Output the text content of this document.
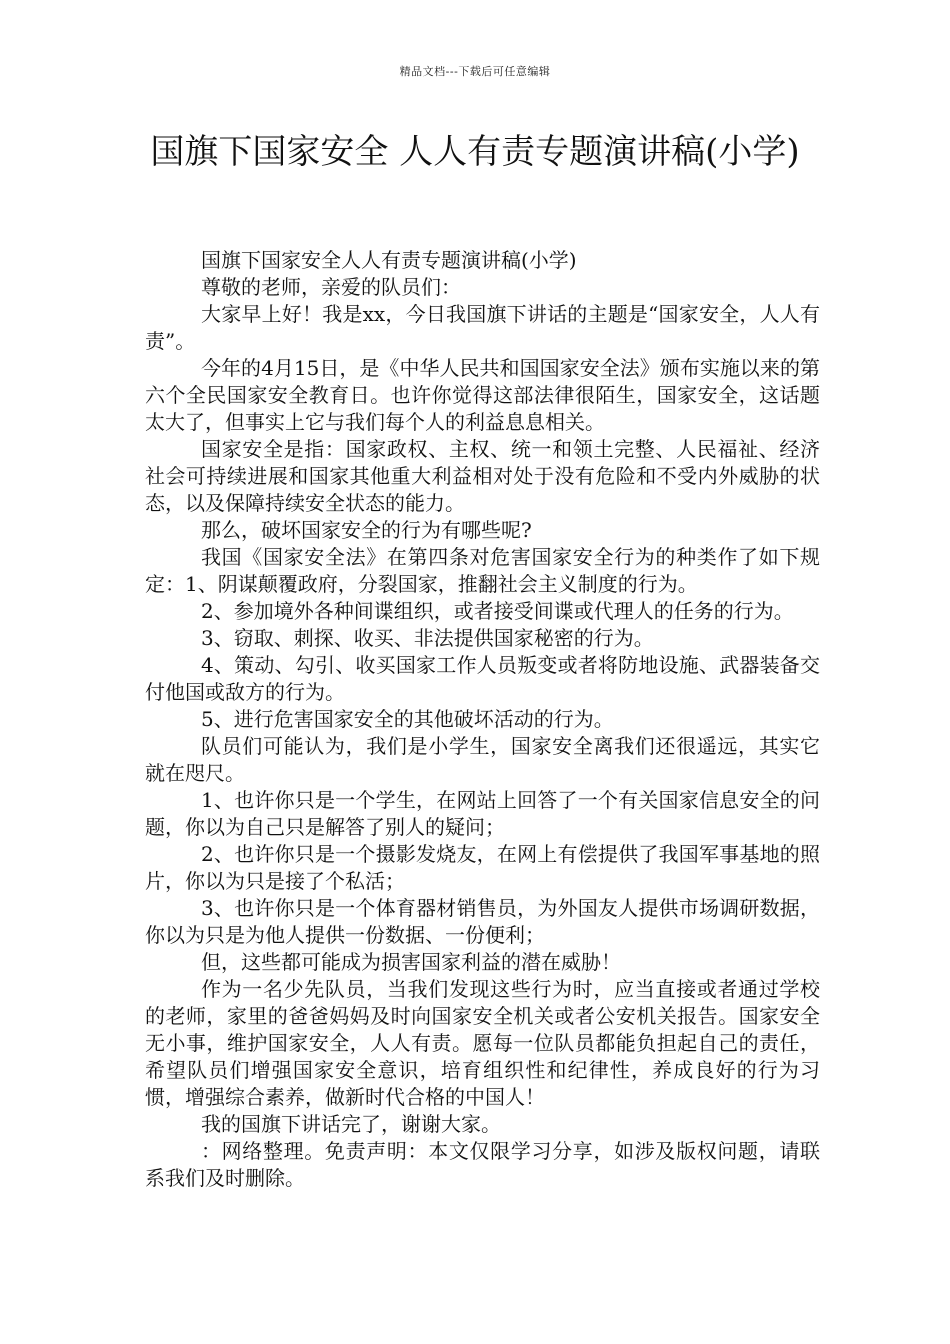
精品文档---下载后可任意编辑
国旗下国家安全 人人有责专题演讲稿(小学)

国旗下国家安全人人有责专题演讲稿(小学)

尊敬的老师，亲爱的队员们：

大家早上好！我是xx，今日我国旗下讲话的主题是“国家安全，人人有责”。

今年的4月15日，是《中华人民共和国国家安全法》颁布实施以来的第六个全民国家安全教育日。也许你觉得这部法律很陌生，国家安全，这话题太大了，但事实上它与我们每个人的利益息息相关。

国家安全是指：国家政权、主权、统一和领土完整、人民福祉、经济社会可持续进展和国家其他重大利益相对处于没有危险和不受内外威胁的状态，以及保障持续安全状态的能力。

那么，破坏国家安全的行为有哪些呢?

我国《国家安全法》在第四条对危害国家安全行为的种类作了如下规定：1、阴谋颠覆政府，分裂国家，推翻社会主义制度的行为。

2、参加境外各种间谍组织，或者接受间谍或代理人的任务的行为。

3、窃取、刺探、收买、非法提供国家秘密的行为。

4、策动、勾引、收买国家工作人员叛变或者将防地设施、武器装备交付他国或敌方的行为。

5、进行危害国家安全的其他破坏活动的行为。

队员们可能认为，我们是小学生，国家安全离我们还很遥远，其实它就在咫尺。

1、也许你只是一个学生，在网站上回答了一个有关国家信息安全的问题，你以为自己只是解答了别人的疑问；

2、也许你只是一个摄影发烧友，在网上有偿提供了我国军事基地的照片，你以为只是接了个私活；

3、也许你只是一个体育器材销售员，为外国友人提供市场调研数据，你以为只是为他人提供一份数据、一份便利；

但，这些都可能成为损害国家利益的潜在威胁！

作为一名少先队员，当我们发现这些行为时，应当直接或者通过学校的老师，家里的爸爸妈妈及时向国家安全机关或者公安机关报告。国家安全无小事，维护国家安全，人人有责。愿每一位队员都能负担起自己的责任，希望队员们增强国家安全意识，培育组织性和纪律性，养成良好的行为习惯，增强综合素养，做新时代合格的中国人！

我的国旗下讲话完了，谢谢大家。

：网络整理。免责声明：本文仅限学习分享，如涉及版权问题，请联系我们及时删除。
